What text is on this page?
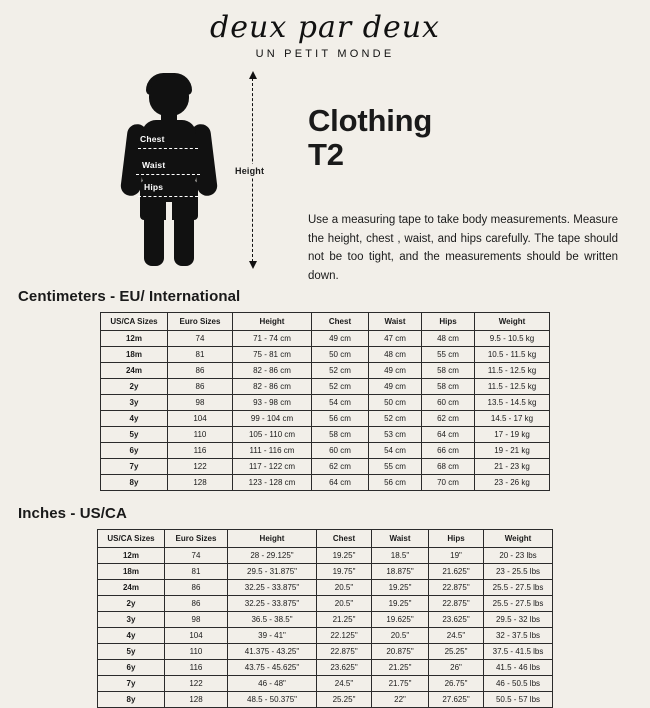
deux par deux
UN PETIT MONDE
Chest
Waist
Hips
Height
Clothing
T2
Use a measuring tape to take body measurements. Measure the height, chest , waist, and hips carefully. The tape should not be too tight, and the measurements should be written down.
Centimeters - EU/ International
US/CA Sizes	Euro Sizes	Height	Chest	Waist	Hips	Weight
12m	74	71 - 74 cm	49 cm	47 cm	48 cm	9.5 - 10.5 kg
18m	81	75 - 81 cm	50 cm	48 cm	55 cm	10.5 - 11.5 kg
24m	86	82 - 86 cm	52 cm	49 cm	58 cm	11.5 - 12.5 kg
2y	86	82 - 86 cm	52 cm	49 cm	58 cm	11.5 - 12.5 kg
3y	98	93 - 98 cm	54 cm	50 cm	60 cm	13.5 - 14.5 kg
4y	104	99 - 104 cm	56 cm	52 cm	62 cm	14.5 - 17 kg
5y	110	105 - 110 cm	58 cm	53 cm	64 cm	17 - 19 kg
6y	116	111 - 116 cm	60 cm	54 cm	66 cm	19 - 21 kg
7y	122	117 - 122 cm	62 cm	55 cm	68 cm	21 - 23 kg
8y	128	123 - 128 cm	64 cm	56 cm	70 cm	23 - 26 kg
Inches - US/CA
US/CA Sizes	Euro Sizes	Height	Chest	Waist	Hips	Weight
12m	74	28 - 29.125"	19.25"	18.5"	19"	20 - 23 lbs
18m	81	29.5 - 31.875"	19.75"	18.875"	21.625"	23 - 25.5 lbs
24m	86	32.25 - 33.875"	20.5"	19.25"	22.875"	25.5 - 27.5 lbs
2y	86	32.25 - 33.875"	20.5"	19.25"	22.875"	25.5 - 27.5 lbs
3y	98	36.5 - 38.5"	21.25"	19.625"	23.625"	29.5 - 32 lbs
4y	104	39 - 41"	22.125"	20.5"	24.5"	32 - 37.5 lbs
5y	110	41.375 - 43.25"	22.875"	20.875"	25.25"	37.5 - 41.5 lbs
6y	116	43.75 - 45.625"	23.625"	21.25"	26"	41.5 - 46 lbs
7y	122	46 - 48"	24.5"	21.75"	26.75"	46 - 50.5 lbs
8y	128	48.5 - 50.375"	25.25"	22"	27.625"	50.5 - 57 lbs
